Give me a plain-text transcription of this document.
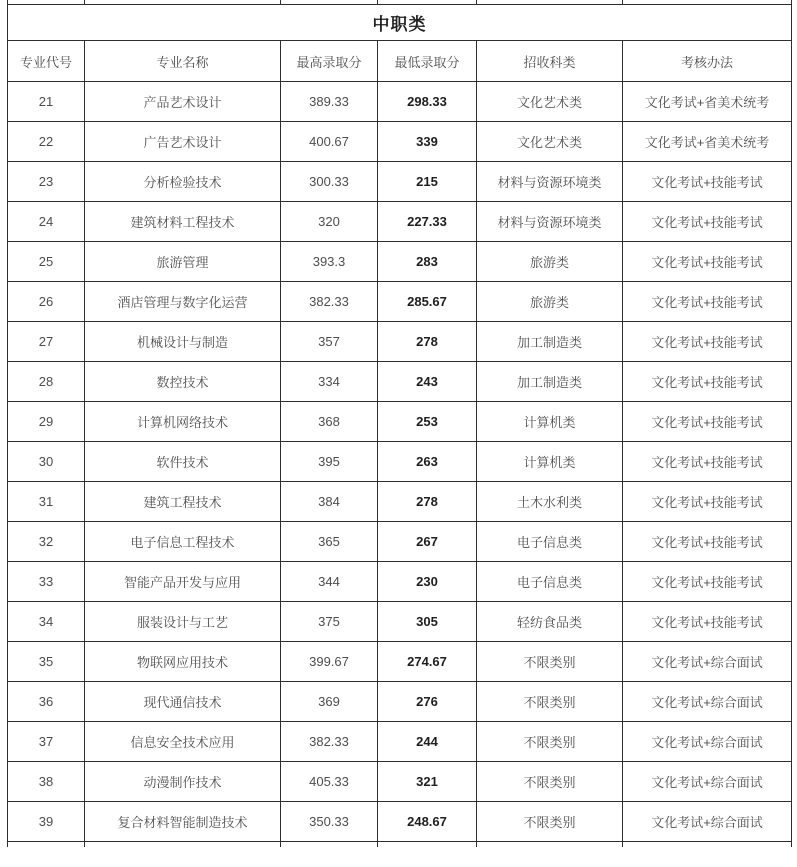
中职类					
专业代号	专业名称	最高录取分	最低录取分	招收科类	考核办法
21	产品艺术设计	389.33	298.33	文化艺术类	文化考试+省美术统考
22	广告艺术设计	400.67	339	文化艺术类	文化考试+省美术统考
23	分析检验技术	300.33	215	材料与资源环境类	文化考试+技能考试
24	建筑材料工程技术	320	227.33	材料与资源环境类	文化考试+技能考试
25	旅游管理	393.3	283	旅游类	文化考试+技能考试
26	酒店管理与数字化运营	382.33	285.67	旅游类	文化考试+技能考试
27	机械设计与制造	357	278	加工制造类	文化考试+技能考试
28	数控技术	334	243	加工制造类	文化考试+技能考试
29	计算机网络技术	368	253	计算机类	文化考试+技能考试
30	软件技术	395	263	计算机类	文化考试+技能考试
31	建筑工程技术	384	278	土木水利类	文化考试+技能考试
32	电子信息工程技术	365	267	电子信息类	文化考试+技能考试
33	智能产品开发与应用	344	230	电子信息类	文化考试+技能考试
34	服装设计与工艺	375	305	轻纺食品类	文化考试+技能考试
35	物联网应用技术	399.67	274.67	不限类别	文化考试+综合面试
36	现代通信技术	369	276	不限类别	文化考试+综合面试
37	信息安全技术应用	382.33	244	不限类别	文化考试+综合面试
38	动漫制作技术	405.33	321	不限类别	文化考试+综合面试
39	复合材料智能制造技术	350.33	248.67	不限类别	文化考试+综合面试
